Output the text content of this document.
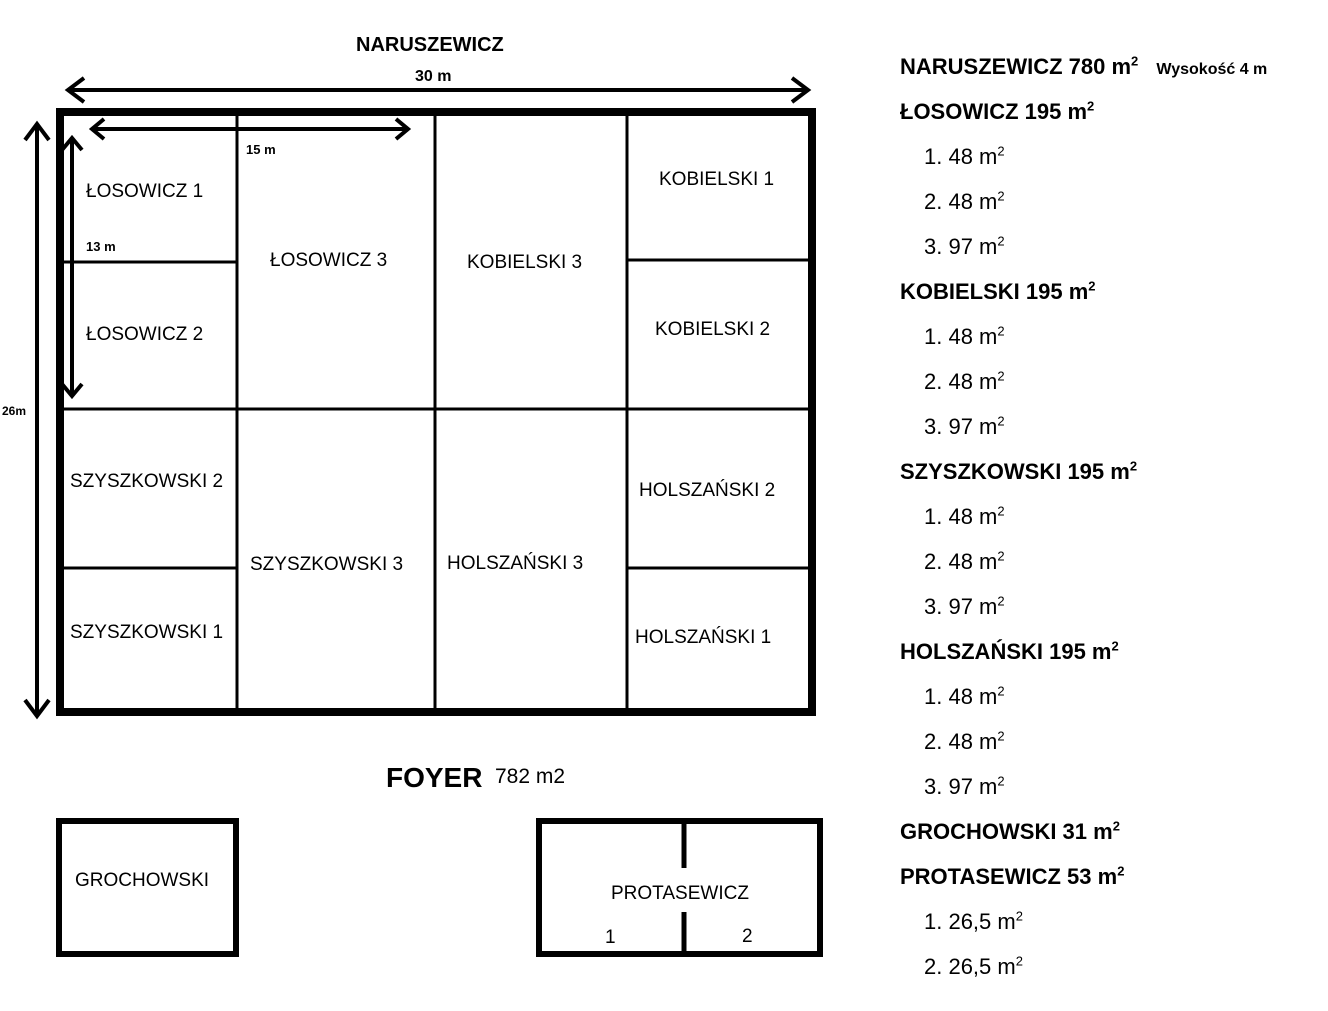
NARUSZEWICZ
30 m
26m
15 m
13 m
ŁOSOWICZ 1
ŁOSOWICZ 2
ŁOSOWICZ 3	KOBIELSKI 3
KOBIELSKI 1
KOBIELSKI 2
SZYSZKOWSKI 2
SZYSZKOWSKI 1
SZYSZKOWSKI 3 HOLSZAŃSKI 3
HOLSZAŃSKI 2
HOLSZAŃSKI 1
FOYER 782 m2
GROCHOWSKI
PROTASEWICZ
1	2
NARUSZEWICZ 780 $m^2$ Wysokość 4 m
ŁOSOWICZ 195 $m^2$
1. 48 $m^2$
2. 48 $m^2$
3. 97 $m^2$
KOBIELSKI 195 $m^2$
1. 48 $m^2$
2. 48 $m^2$
3. 97 $m^2$
SZYSZKOWSKI 195 $m^2$
1. 48 $m^2$
2. 48 $m^2$
3. 97 $m^2$
HOLSZAŃSKI 195 $m^2$
1. 48 $m^2$
2. 48 $m^2$
3. 97 $m^2$
GROCHOWSKI 31 $m^2$
PROTASEWICZ 53 $m^2$
1. 26,5 $m^2$
2. 26,5 $m^2$
